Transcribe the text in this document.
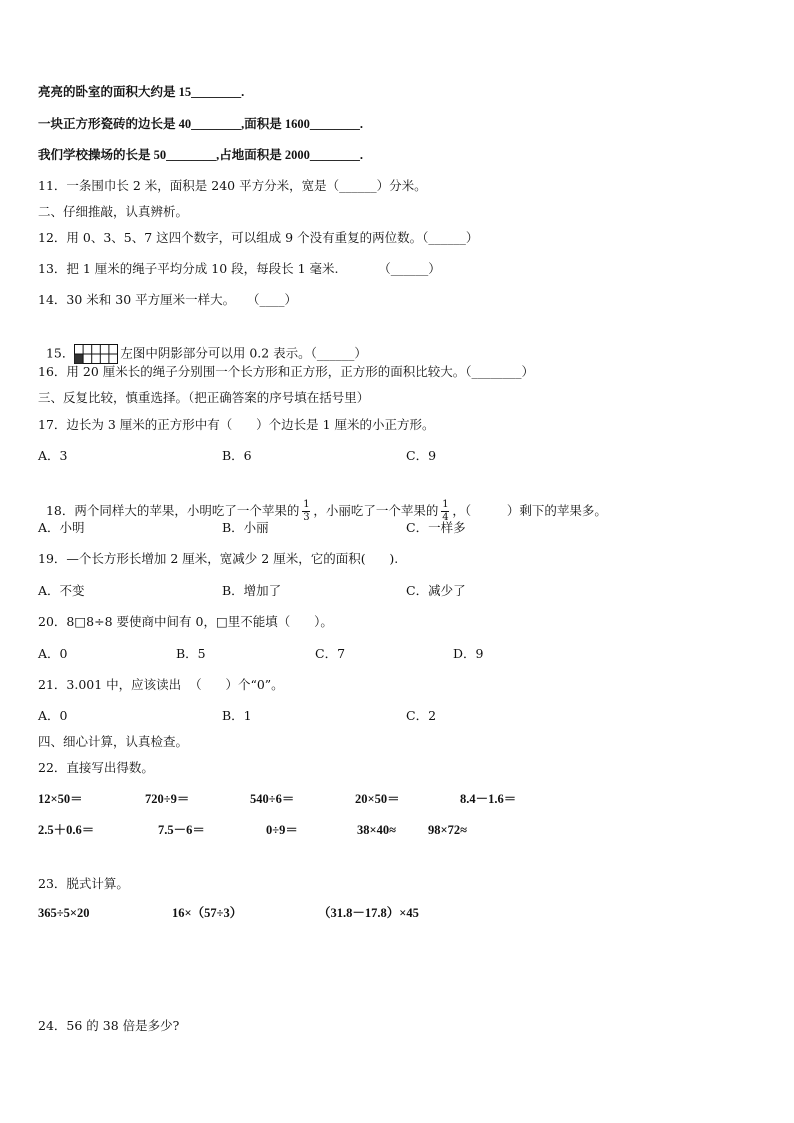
亮亮的卧室的面积大约是 15________.
一块正方形瓷砖的边长是 40________,面积是 1600________.
我们学校操场的长是 50________,占地面积是 2000________.
11．一条围巾长 2 米，面积是 240 平方分米，宽是（______）分米。
二、仔细推敲，认真辨析。
12．用 0、3、5、7 这四个数字，可以组成 9 个没有重复的两位数。（______）
13．把 1 厘米的绳子平均分成 10 段，每段长 1 毫米.          （______）
14．30 米和 30 平方厘米一样大。   （____）

15．	左图中阴影部分可以用 0.2 表示。（______）

16．用 20 厘米长的绳子分别围一个长方形和正方形，正方形的面积比较大。（________）
三、反复比较，慎重选择。（把正确答案的序号填在括号里）
17．边长为 3 厘米的正方形中有（      ）个边长是 1 厘米的小正方形。
A．3	B．6	C．9

18．两个同样大的苹果，小明吃了一个苹果的 $\frac{1}{3}$ ，小丽吃了一个苹果的 $\frac{1}{4}$ ，（         ）剩下的苹果多。

A．小明	B．小丽	C．一样多
19．—个长方形长增加 2 厘米，宽减少 2 厘米，它的面积(      ).
A．不变	B．增加了	C．减少了
20．8□8÷8 要使商中间有 0，□里不能填（      ）。
A．0	B．5	C．7	D．9
21．3.001 中，应该读出  （      ）个“0”。
A．0	B．1	C．2
四、细心计算，认真检查。
22．直接写出得数。
12×50＝	720÷9＝	540÷6＝	20×50＝	8.4－1.6＝
2.5＋0.6＝	7.5－6＝	0÷9＝	38×40≈	98×72≈
23．脱式计算。
365÷5×20	16×（57÷3）	（31.8－17.8）×45
24．56 的 38 倍是多少?
